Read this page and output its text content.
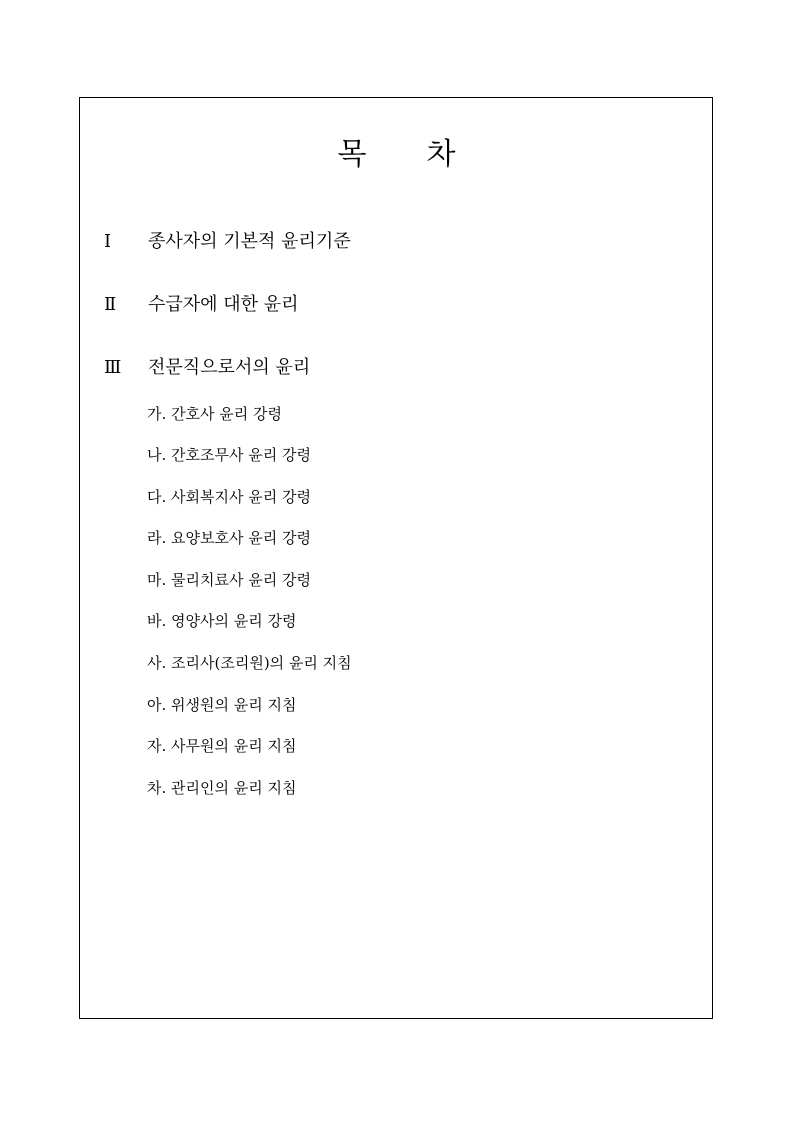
목 차
Ⅰ 종사자의 기본적 윤리기준
Ⅱ 수급자에 대한 윤리
Ⅲ 전문직으로서의 윤리
가. 간호사 윤리 강령
나. 간호조무사 윤리 강령
다. 사회복지사 윤리 강령
라. 요양보호사 윤리 강령
마. 물리치료사 윤리 강령
바. 영양사의 윤리 강령
사. 조리사(조리원)의 윤리 지침
아. 위생원의 윤리 지침
자. 사무원의 윤리 지침
차. 관리인의 윤리 지침
